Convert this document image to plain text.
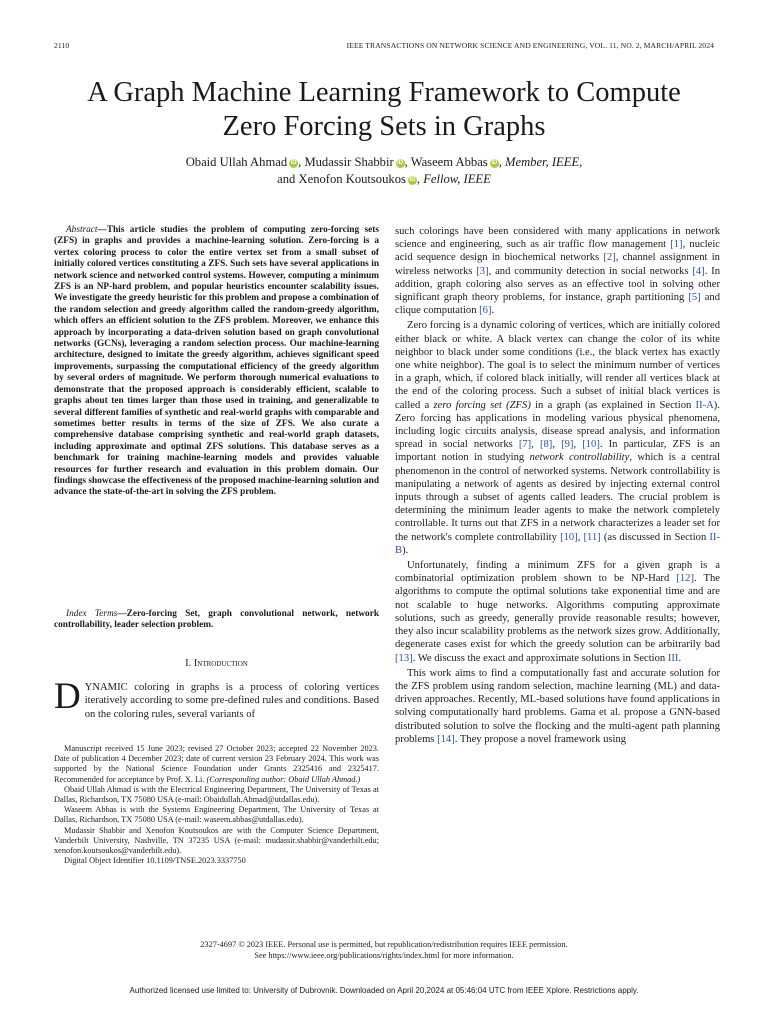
2110	IEEE TRANSACTIONS ON NETWORK SCIENCE AND ENGINEERING, VOL. 11, NO. 2, MARCH/APRIL 2024
A Graph Machine Learning Framework to Compute
Zero Forcing Sets in Graphs
Obaid Ullah Ahmad iD , Mudassir Shabbir iD , Waseem Abbas iD , Member, IEEE,
and Xenofon Koutsoukos iD , Fellow, IEEE

Abstract—This article studies the problem of computing zero-forcing sets (ZFS) in graphs and provides a machine-learning solution. Zero-forcing is a vertex coloring process to color the entire vertex set from a small subset of initially colored vertices constituting a ZFS. Such sets have several applications in network science and networked control systems. However, computing a minimum ZFS is an NP-hard problem, and popular heuristics encounter scalability issues. We investigate the greedy heuristic for this problem and propose a combination of the random selection and greedy algorithm called the random-greedy algorithm, which offers an efficient solution to the ZFS problem. Moreover, we enhance this approach by incorporating a data-driven solution based on graph convolutional networks (GCNs), leveraging a random selection process. Our machine-learning architecture, designed to imitate the greedy algorithm, achieves significant speed improvements, surpassing the computational efficiency of the greedy algorithm by several orders of magnitude. We perform thorough numerical evaluations to demonstrate that the proposed approach is considerably efficient, scalable to graphs about ten times larger than those used in training, and generalizable to several different families of synthetic and real-world graphs with comparable and sometimes better results in terms of the size of ZFS. We also curate a comprehensive database comprising synthetic and real-world graph datasets, including approximate and optimal ZFS solutions. This database serves as a benchmark for training machine-learning models and provides valuable resources for further research and evaluation in this problem domain. Our findings showcase the effectiveness of the proposed machine-learning solution and advance the state-of-the-art in solving the ZFS problem.

Index Terms—Zero-forcing Set, graph convolutional network, network controllability, leader selection problem.

I. Introduction
DYNAMIC coloring in graphs is a process of coloring vertices iteratively according to some pre-defined rules and conditions. Based on the coloring rules, several variants of

Manuscript received 15 June 2023; revised 27 October 2023; accepted 22 November 2023. Date of publication 4 December 2023; date of current version 23 February 2024. This work was supported by the National Science Foundation under Grants 2325416 and 2325417. Recommended for acceptance by Prof. X. Li. (Corresponding author: Obaid Ullah Ahmad.)

Obaid Ullah Ahmad is with the Electrical Engineering Department, The University of Texas at Dallas, Richardson, TX 75080 USA (e-mail: Obaidullah.Ahmad@utdallas.edu).

Waseem Abbas is with the Systems Engineering Department, The University of Texas at Dallas, Richardson, TX 75080 USA (e-mail: waseem.abbas@utdallas.edu).

Mudassir Shabbir and Xenofon Koutsoukos are with the Computer Science Department, Vanderbilt University, Nashville, TN 37235 USA (e-mail: mudassir.shabbir@vanderbilt.edu; xenofon.koutsoukos@vanderbilt.edu).

Digital Object Identifier 10.1109/TNSE.2023.3337750

such colorings have been considered with many applications in network science and engineering, such as air traffic flow management [1], nucleic acid sequence design in biochemical networks [2], channel assignment in wireless networks [3], and community detection in social networks [4]. In addition, graph coloring also serves as an effective tool in solving other significant graph theory problems, for instance, graph partitioning [5] and clique computation [6].

Zero forcing is a dynamic coloring of vertices, which are initially colored either black or white. A black vertex can change the color of its white neighbor to black under some conditions (i.e., the black vertex has exactly one white neighbor). The goal is to select the minimum number of vertices in a graph, which, if colored black initially, will render all vertices black at the end of the coloring process. Such a subset of initial black vertices is called a zero forcing set (ZFS) in a graph (as explained in Section II-A). Zero forcing has applications in modeling various physical phenomena, including logic circuits analysis, disease spread analysis, and information spread in social networks [7], [8], [9], [10]. In particular, ZFS is an important notion in studying network controllability, which is a central phenomenon in the control of networked systems. Network controllability is manipulating a network of agents as desired by injecting external control inputs through a subset of agents called leaders. The crucial problem is determining the minimum leader agents to make the network completely controllable. It turns out that ZFS in a network characterizes a leader set for the network's complete controllability [10], [11] (as discussed in Section II-B).

Unfortunately, finding a minimum ZFS for a given graph is a combinatorial optimization problem shown to be NP-Hard [12]. The algorithms to compute the optimal solutions take exponential time and are not scalable to huge networks. Algorithms computing approximate solutions, such as greedy, generally provide reasonable results; however, they also incur scalability problems as the network sizes grow. Additionally, degenerate cases exist for which the greedy solution can be arbitrarily bad [13]. We discuss the exact and approximate solutions in Section III.

This work aims to find a computationally fast and accurate solution for the ZFS problem using random selection, machine learning (ML) and data-driven approaches. Recently, ML-based solutions have found applications in solving computationally hard problems. Gama et al. propose a GNN-based distributed solution to solve the flocking and the multi-agent path planning problems [14]. They propose a novel framework using

2327-4697 © 2023 IEEE. Personal use is permitted, but republication/redistribution requires IEEE permission.
See https://www.ieee.org/publications/rights/index.html for more information.
Authorized licensed use limited to: University of Dubrovnik. Downloaded on April 20,2024 at 05:46:04 UTC from IEEE Xplore. Restrictions apply.
